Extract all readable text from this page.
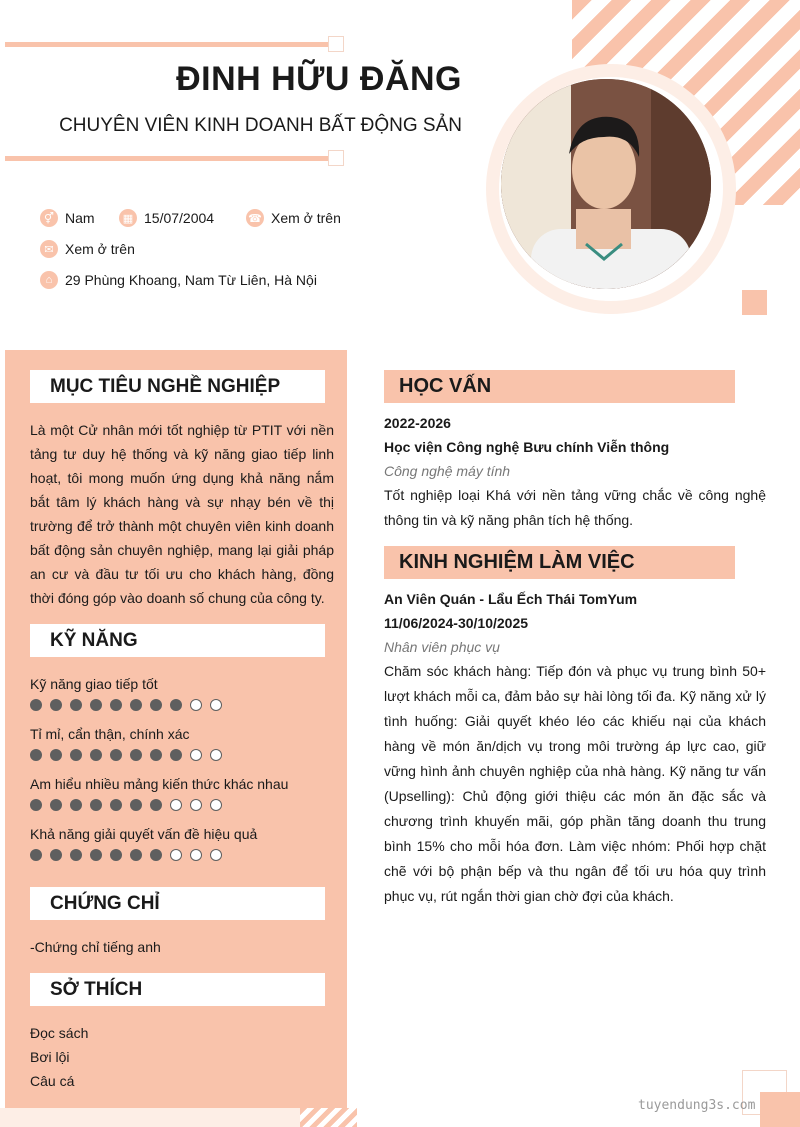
ĐINH HỮU ĐĂNG
CHUYÊN VIÊN KINH DOANH BẤT ĐỘNG SẢN
⚥ Nam	▦ 15/07/2004	☎ Xem ở trên
✉ Xem ở trên
⌂ 29 Phùng Khoang, Nam Từ Liên, Hà Nội
MỤC TIÊU NGHỀ NGHIỆP
Là một Cử nhân mới tốt nghiệp từ PTIT với nền tảng tư duy hệ thống và kỹ năng giao tiếp linh hoạt, tôi mong muốn ứng dụng khả năng nắm bắt tâm lý khách hàng và sự nhạy bén về thị trường để trở thành một chuyên viên kinh doanh bất động sản chuyên nghiệp, mang lại giải pháp an cư và đầu tư tối ưu cho khách hàng, đồng thời đóng góp vào doanh số chung của công ty.
KỸ NĂNG
Kỹ năng giao tiếp tốt
Tỉ mỉ, cẩn thận, chính xác
Am hiểu nhiều mảng kiến thức khác nhau
Khả năng giải quyết vấn đề hiệu quả
CHỨNG CHỈ
-Chứng chỉ tiếng anh
SỞ THÍCH
Đọc sách
Bơi lội
Câu cá
HỌC VẤN
2022-2026
Học viện Công nghệ Bưu chính Viễn thông
Công nghệ máy tính
Tốt nghiệp loại Khá với nền tảng vững chắc về công nghệ thông tin và kỹ năng phân tích hệ thống.
KINH NGHIỆM LÀM VIỆC
An Viên Quán - Lẩu Ếch Thái TomYum
11/06/2024-30/10/2025
Nhân viên phục vụ
Chăm sóc khách hàng: Tiếp đón và phục vụ trung bình 50+ lượt khách mỗi ca, đảm bảo sự hài lòng tối đa. Kỹ năng xử lý tình huống: Giải quyết khéo léo các khiếu nại của khách hàng về món ăn/dịch vụ trong môi trường áp lực cao, giữ vững hình ảnh chuyên nghiệp của nhà hàng. Kỹ năng tư vấn (Upselling): Chủ động giới thiệu các món ăn đặc sắc và chương trình khuyến mãi, góp phần tăng doanh thu trung bình 15% cho mỗi hóa đơn. Làm việc nhóm: Phối hợp chặt chẽ với bộ phận bếp và thu ngân để tối ưu hóa quy trình phục vụ, rút ngắn thời gian chờ đợi của khách.
tuyendung3s.com
